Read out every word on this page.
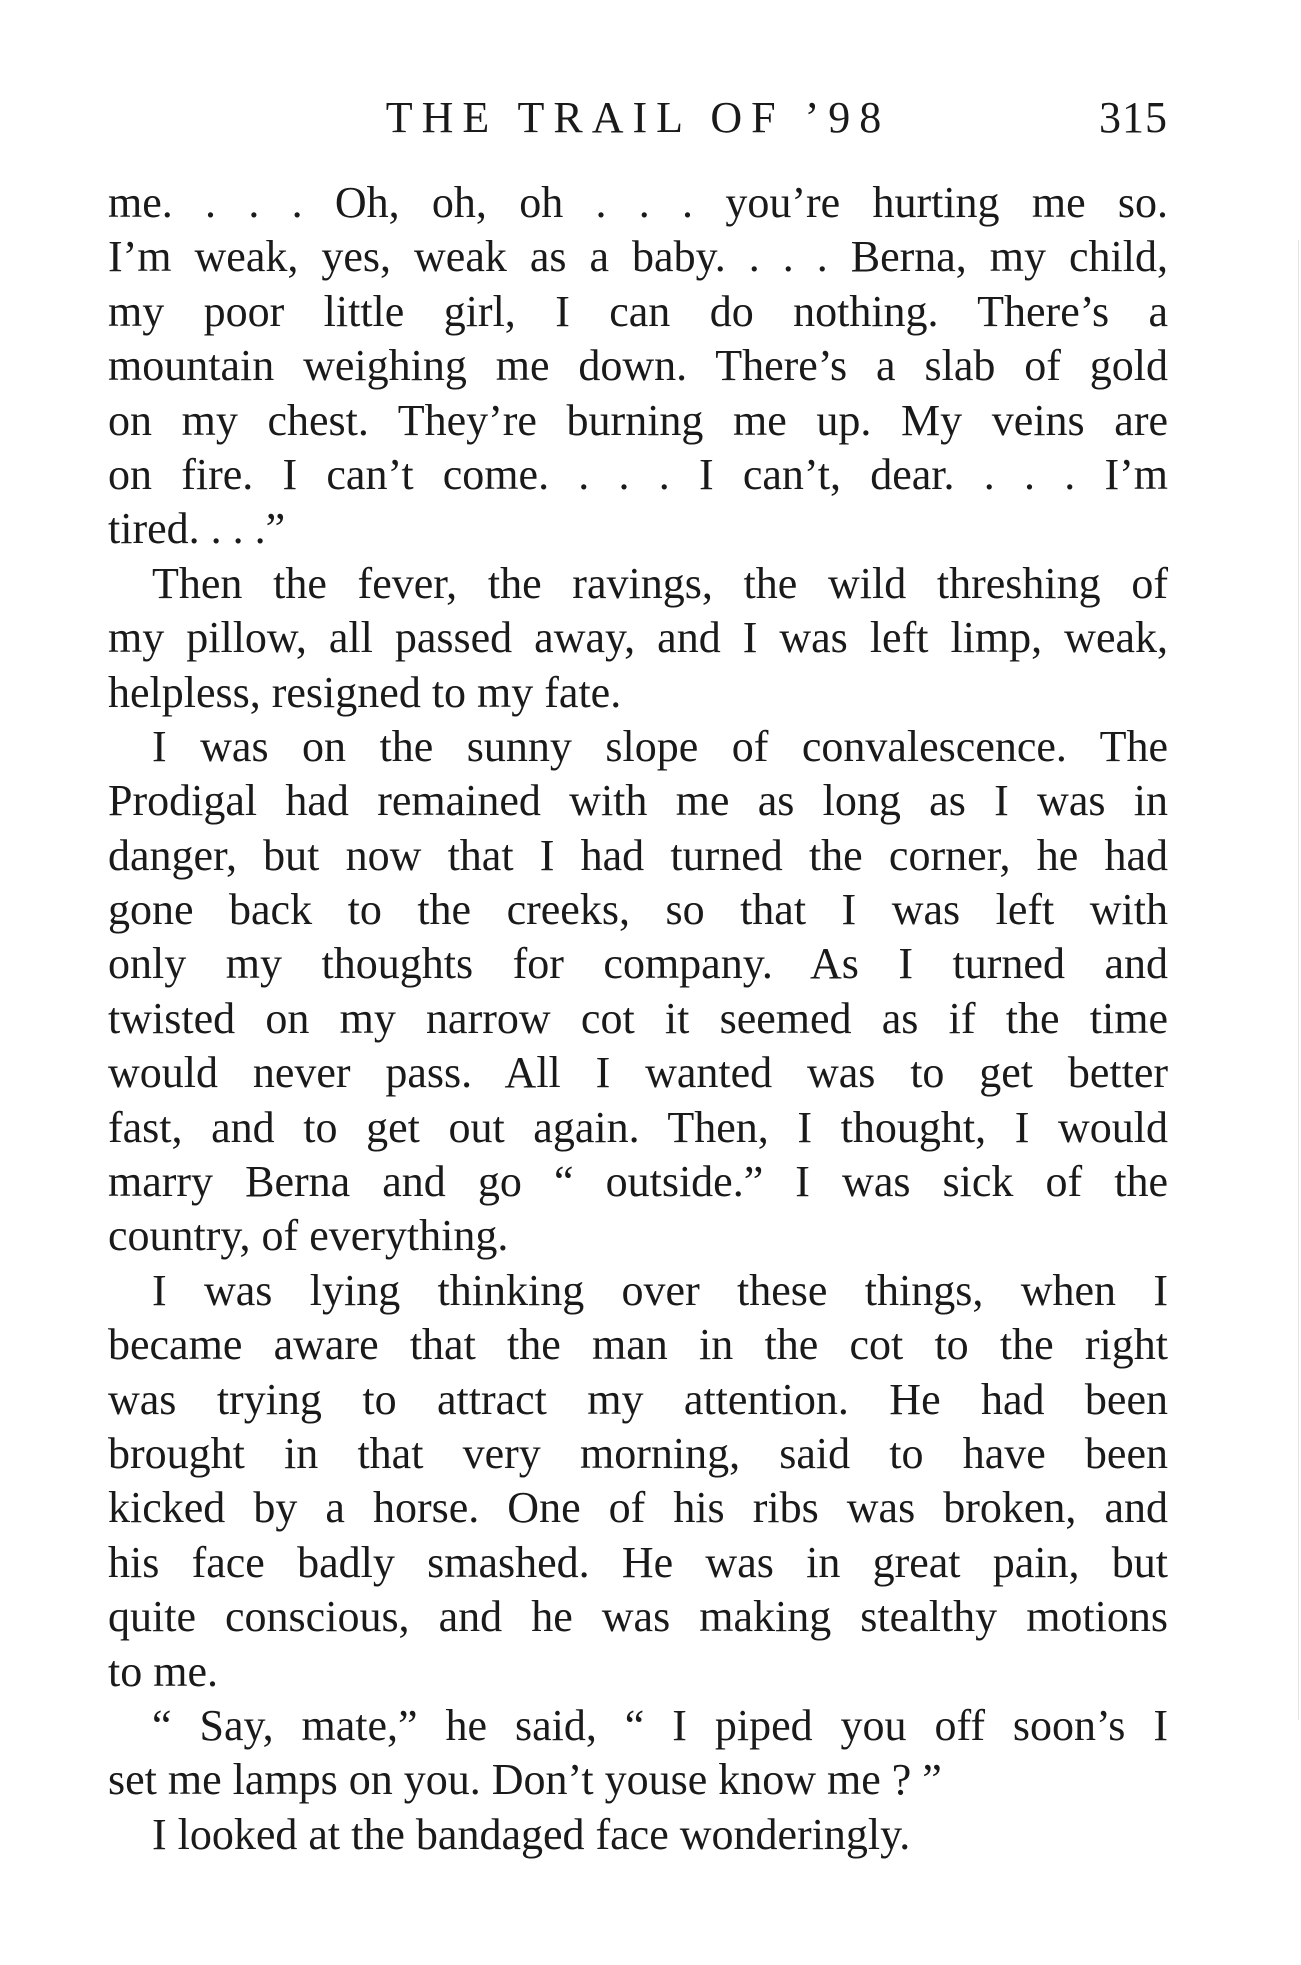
THE TRAIL OF ’98	315
me. . . . Oh, oh, oh . . . you’re hurting me so.
I’m weak, yes, weak as a baby. . . . Berna, my child,
my poor little girl, I can do nothing. There’s a
mountain weighing me down. There’s a slab of gold
on my chest. They’re burning me up. My veins are
on fire. I can’t come. . . . I can’t, dear. . . . I’m
tired. . . .”
Then the fever, the ravings, the wild threshing of
my pillow, all passed away, and I was left limp, weak,
helpless, resigned to my fate.
I was on the sunny slope of convalescence. The
Prodigal had remained with me as long as I was in
danger, but now that I had turned the corner, he had
gone back to the creeks, so that I was left with
only my thoughts for company. As I turned and
twisted on my narrow cot it seemed as if the time
would never pass. All I wanted was to get better
fast, and to get out again. Then, I thought, I would
marry Berna and go “ outside.” I was sick of the
country, of everything.
I was lying thinking over these things, when I
became aware that the man in the cot to the right
was trying to attract my attention. He had been
brought in that very morning, said to have been
kicked by a horse. One of his ribs was broken, and
his face badly smashed. He was in great pain, but
quite conscious, and he was making stealthy motions
to me.
“ Say, mate,” he said, “ I piped you off soon’s I
set me lamps on you. Don’t youse know me ? ”
I looked at the bandaged face wonderingly.
